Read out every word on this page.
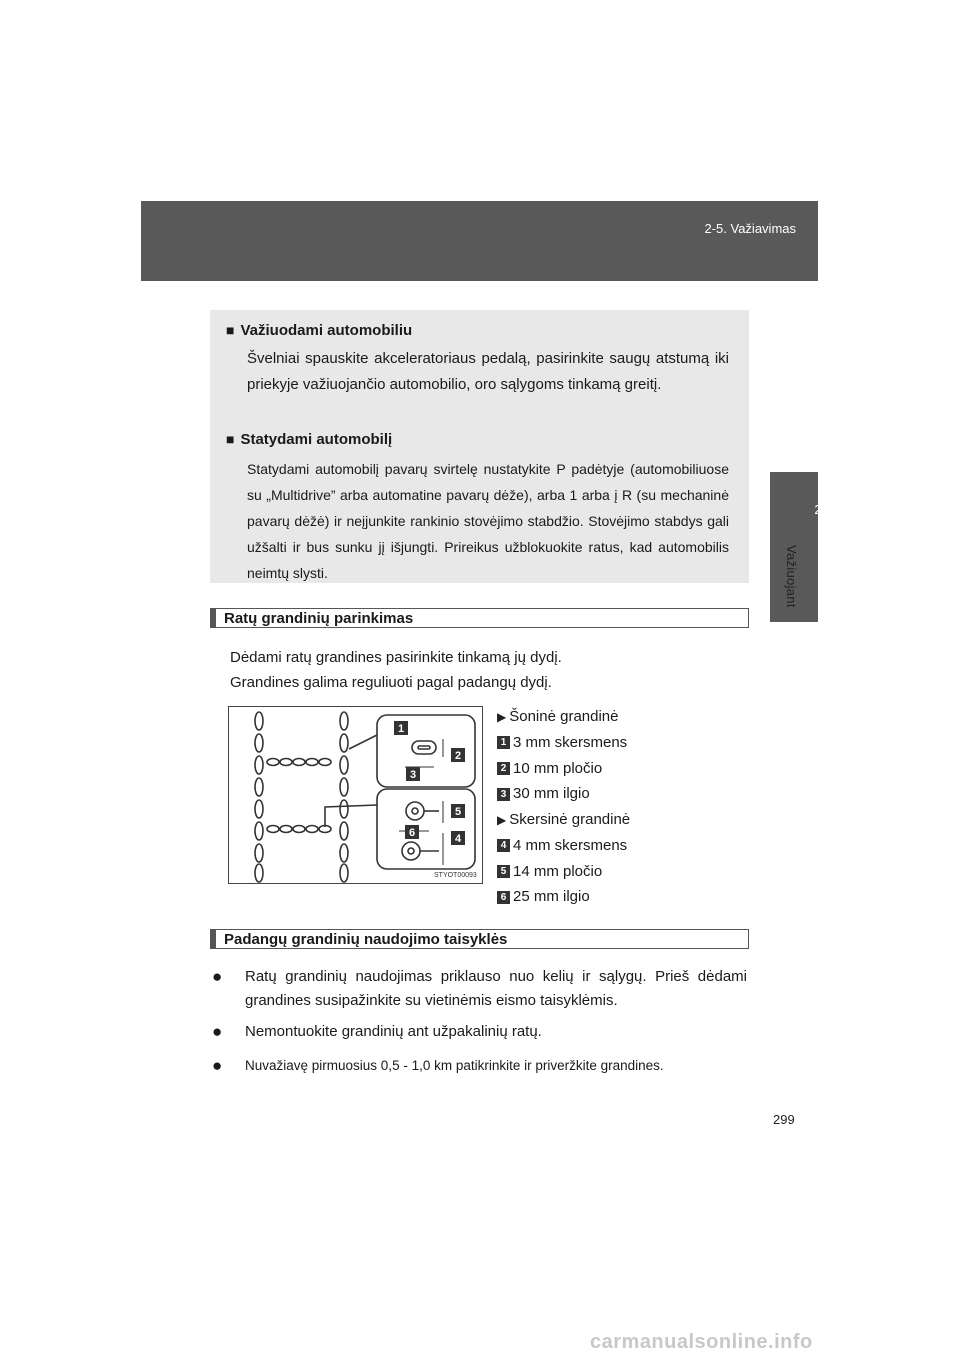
2-5. Važiavimas
2
Važiuojant
■ Važiuodami automobiliu
Švelniai spauskite akceleratoriaus pedalą, pasirinkite saugų atstumą iki priekyje važiuojančio automobilio, oro sąlygoms tinkamą greitį.
■ Statydami automobilį
Statydami automobilį pavarų svirtelę nustatykite P padėtyje (automobiliuose su „Multidrive” arba automatine pavarų dėže), arba 1 arba į R (su mechaninė pavarų dėžė) ir neįjunkite rankinio stovėjimo stabdžio. Stovėjimo stabdys gali užšalti ir bus sunku jį išjungti. Prireikus užblokuokite ratus, kad automobilis neimtų slysti.
Ratų grandinių parinkimas
Dėdami ratų grandines pasirinkite tinkamą jų dydį.
Grandines galima reguliuoti pagal padangų dydį.
1
2
3
4
5
6
STYOT00093
▶ Šoninė grandinė
1 3 mm skersmens
2 10 mm pločio
3 30 mm ilgio
▶ Skersinė grandinė
4 4 mm skersmens
5 14 mm pločio
6 25 mm ilgio
Padangų grandinių naudojimo taisyklės
● Ratų grandinių naudojimas priklauso nuo kelių ir sąlygų. Prieš dėdami grandines susipažinkite su vietinėmis eismo taisyklėmis.
● Nemontuokite grandinių ant užpakalinių ratų.
● Nuvažiavę pirmuosius 0,5 - 1,0 km patikrinkite ir priveržkite grandines.
299
carmanualsonline.info
